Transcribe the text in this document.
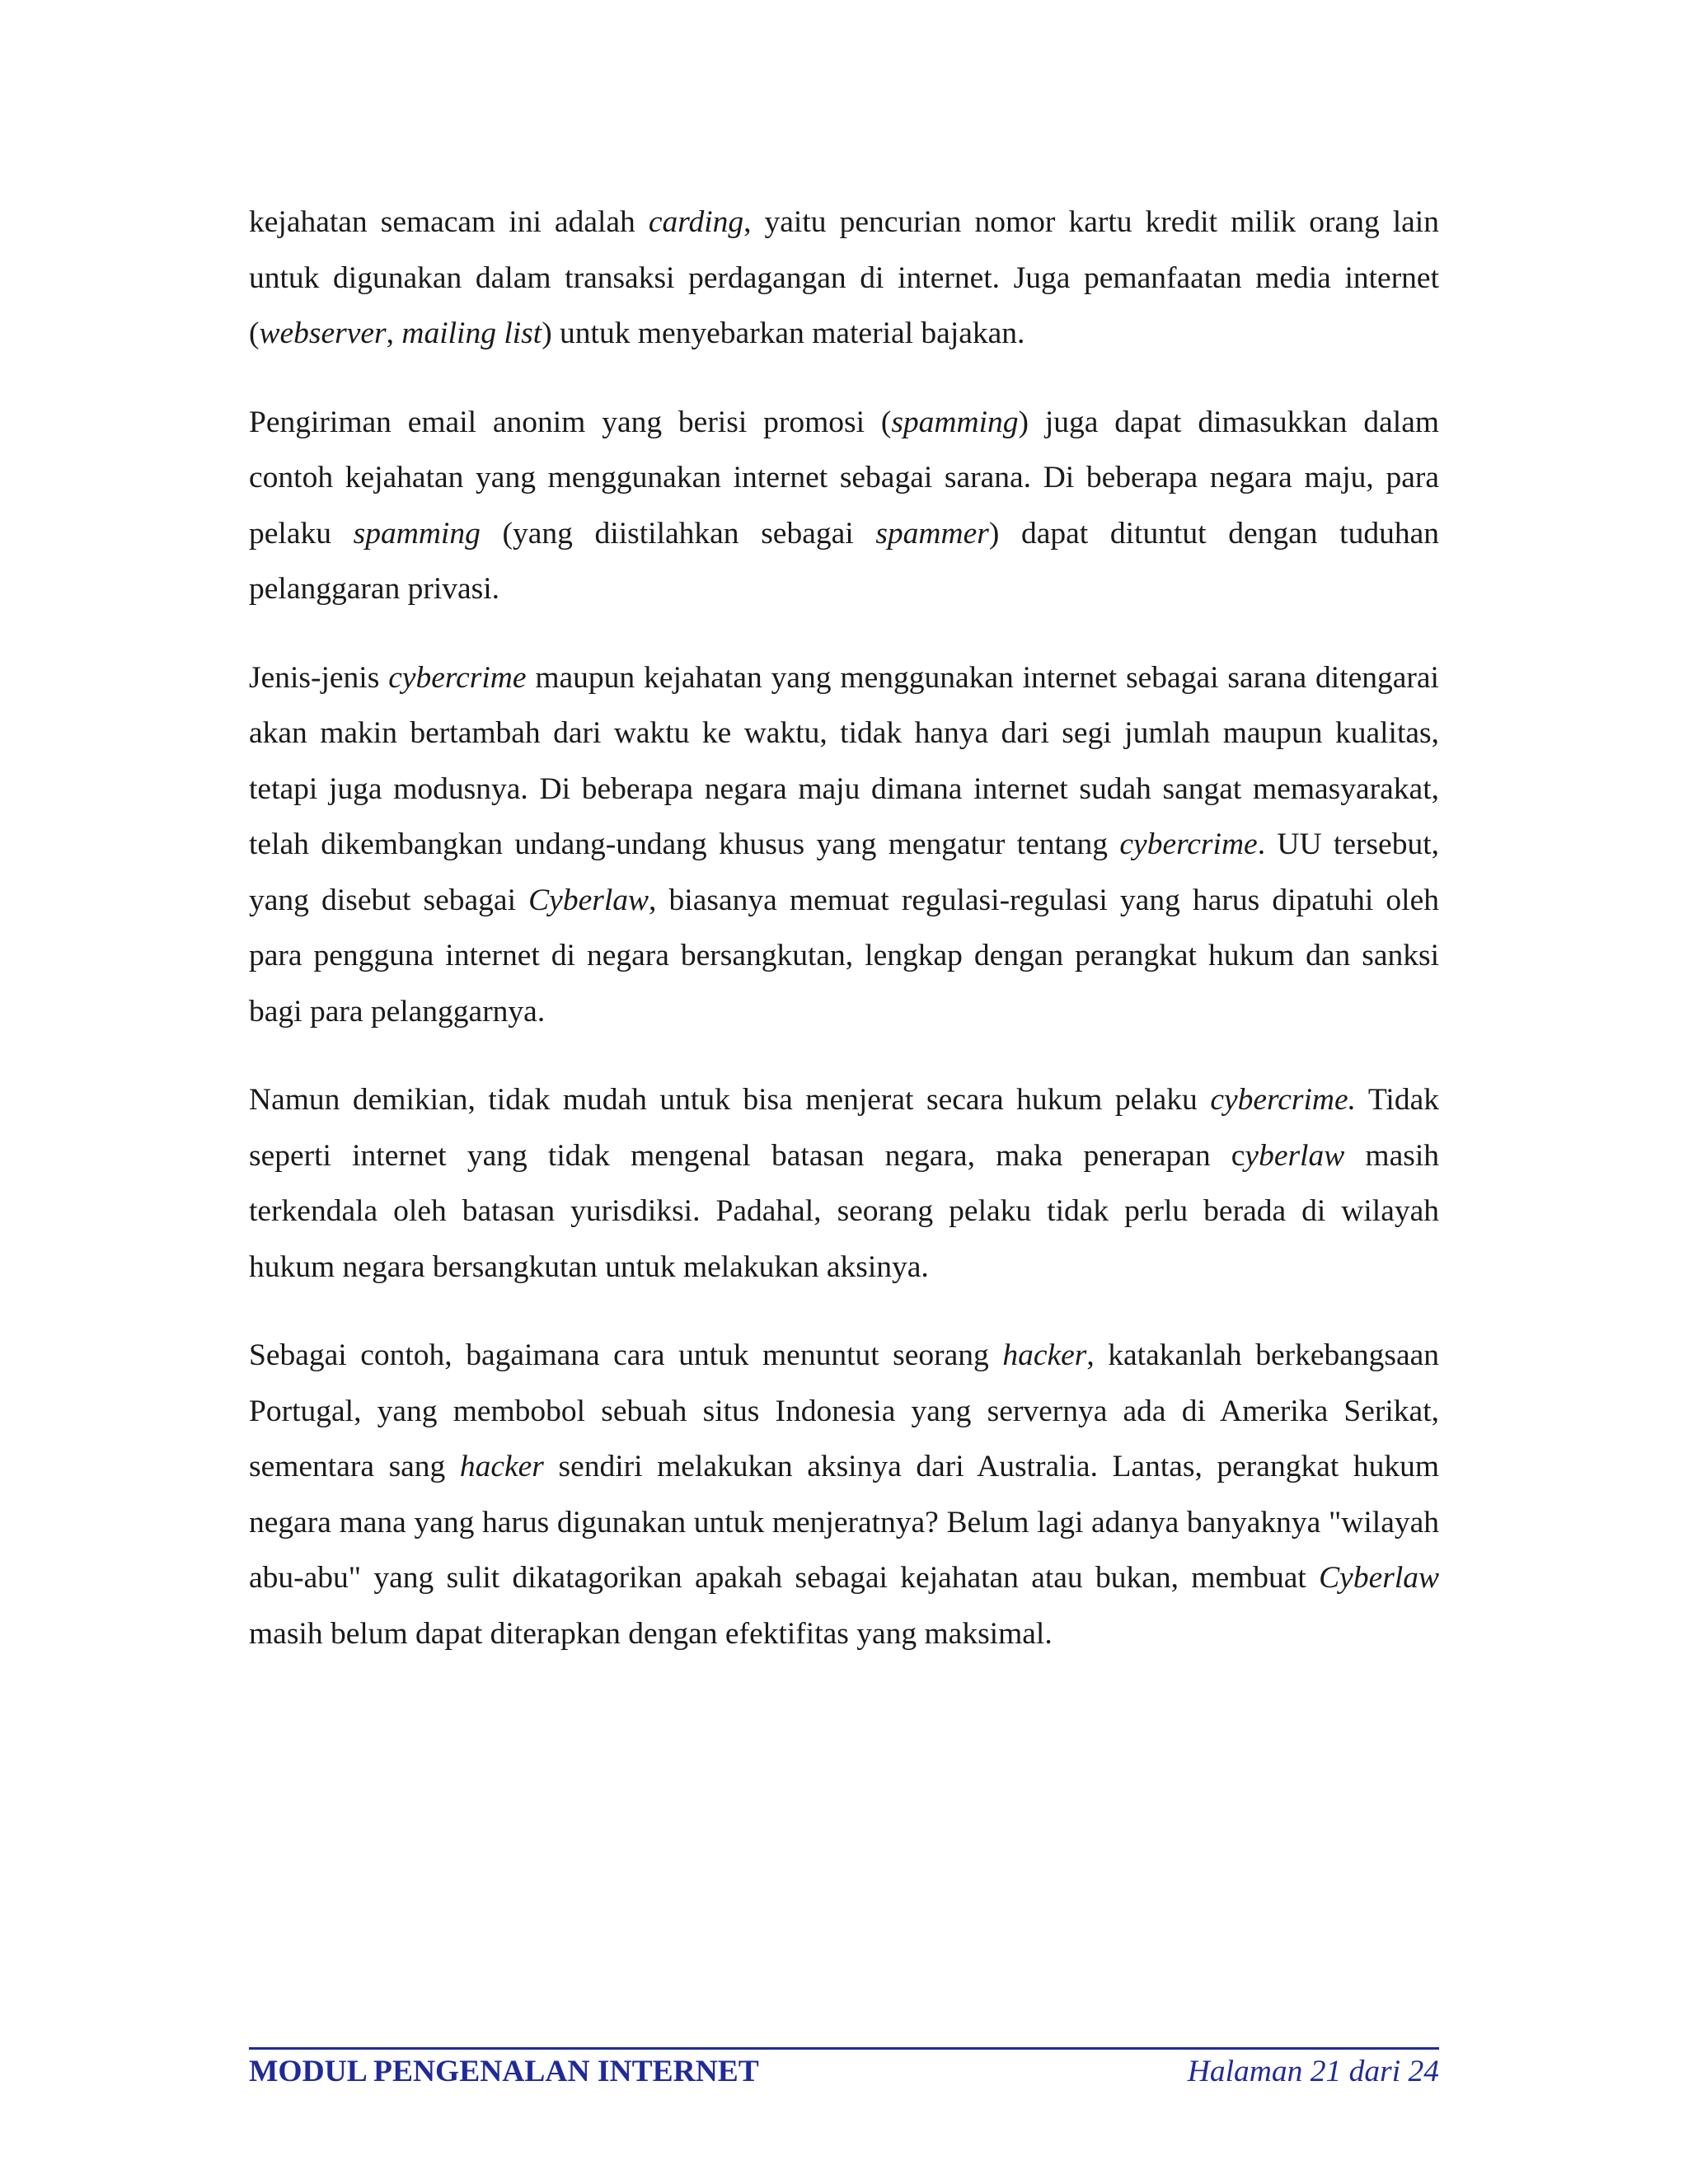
kejahatan semacam ini adalah carding, yaitu pencurian nomor kartu kredit milik orang lain untuk digunakan dalam transaksi perdagangan di internet. Juga pemanfaatan media internet (webserver, mailing list) untuk menyebarkan material bajakan.

Pengiriman email anonim yang berisi promosi (spamming) juga dapat dimasukkan dalam contoh kejahatan yang menggunakan internet sebagai sarana. Di beberapa negara maju, para pelaku spamming (yang diistilahkan sebagai spammer) dapat dituntut dengan tuduhan pelanggaran privasi.

Jenis-jenis cybercrime maupun kejahatan yang menggunakan internet sebagai sarana ditengarai akan makin bertambah dari waktu ke waktu, tidak hanya dari segi jumlah maupun kualitas, tetapi juga modusnya. Di beberapa negara maju dimana internet sudah sangat memasyarakat, telah dikembangkan undang-undang khusus yang mengatur tentang cybercrime. UU tersebut, yang disebut sebagai Cyberlaw, biasanya memuat regulasi-regulasi yang harus dipatuhi oleh para pengguna internet di negara bersangkutan, lengkap dengan perangkat hukum dan sanksi bagi para pelanggarnya.

Namun demikian, tidak mudah untuk bisa menjerat secara hukum pelaku cybercrime. Tidak seperti internet yang tidak mengenal batasan negara, maka penerapan cyberlaw masih terkendala oleh batasan yurisdiksi. Padahal, seorang pelaku tidak perlu berada di wilayah hukum negara bersangkutan untuk melakukan aksinya.

Sebagai contoh, bagaimana cara untuk menuntut seorang hacker, katakanlah berkebangsaan Portugal, yang membobol sebuah situs Indonesia yang servernya ada di Amerika Serikat, sementara sang hacker sendiri melakukan aksinya dari Australia. Lantas, perangkat hukum negara mana yang harus digunakan untuk menjeratnya? Belum lagi adanya banyaknya "wilayah abu-abu" yang sulit dikatagorikan apakah sebagai kejahatan atau bukan, membuat Cyberlaw masih belum dapat diterapkan dengan efektifitas yang maksimal.

MODUL PENGENALAN INTERNET	Halaman 21 dari 24
